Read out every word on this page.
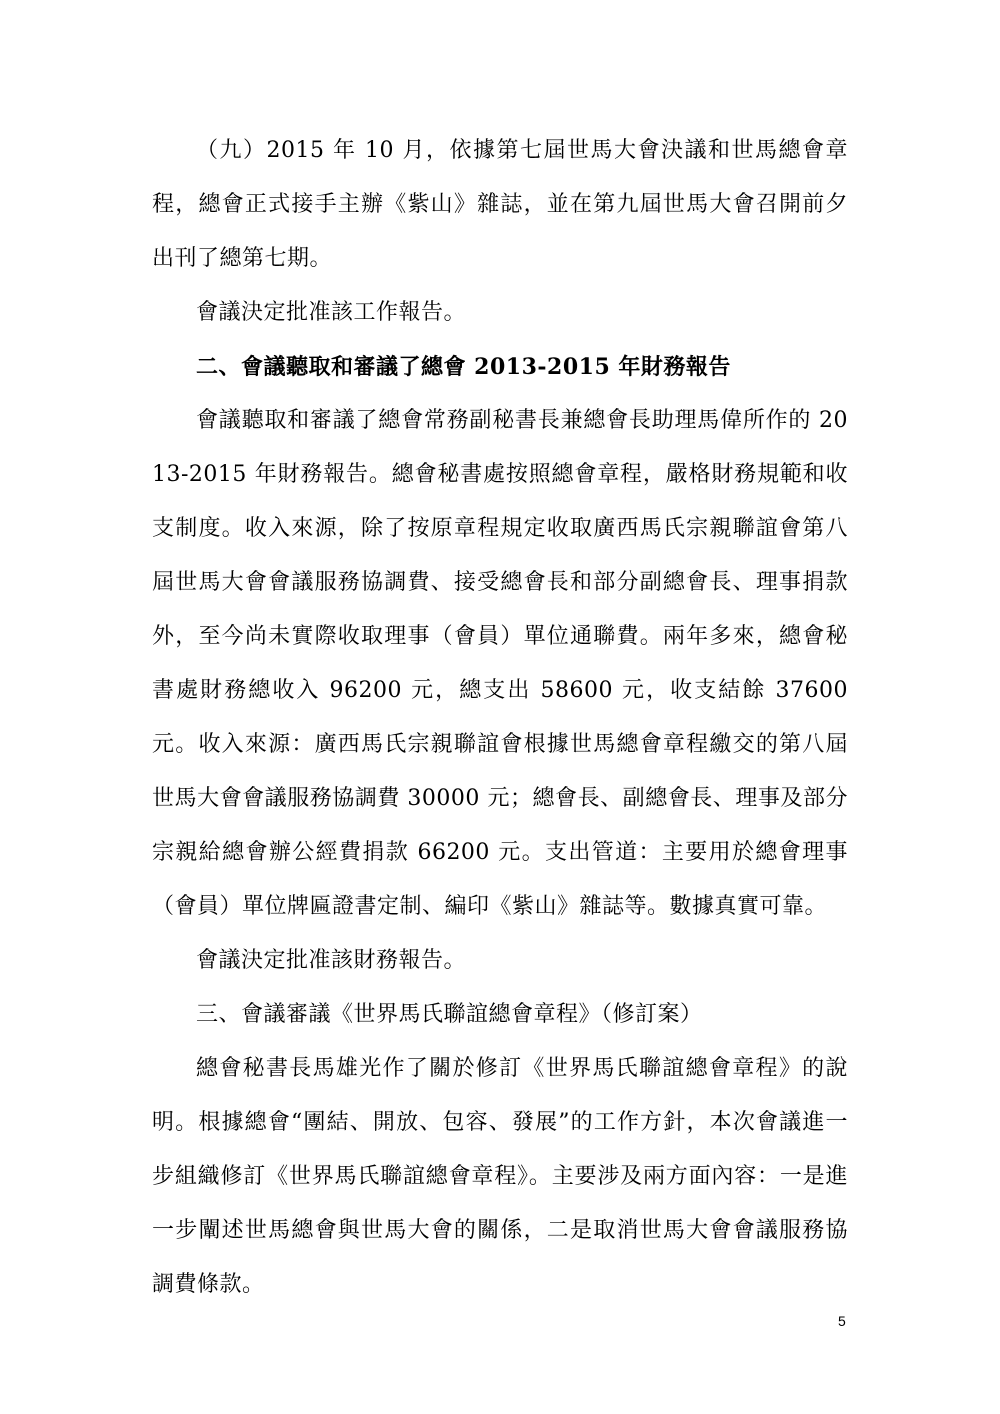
（九）2015 年 10 月，依據第七屆世馬大會決議和世馬總會章程，總會正式接手主辦《紫山》雜誌，並在第九屆世馬大會召開前夕出刊了總第七期。

會議決定批准該工作報告。

二、會議聽取和審議了總會 2013-2015 年財務報告

會議聽取和審議了總會常務副秘書長兼總會長助理馬偉所作的 2013-2015 年財務報告。總會秘書處按照總會章程，嚴格財務規範和收支制度。收入來源，除了按原章程規定收取廣西馬氏宗親聯誼會第八屆世馬大會會議服務協調費、接受總會長和部分副總會長、理事捐款外，至今尚未實際收取理事（會員）單位通聯費。兩年多來，總會秘書處財務總收入 96200 元，總支出 58600 元，收支結餘 37600 元。收入來源：廣西馬氏宗親聯誼會根據世馬總會章程繳交的第八屆世馬大會會議服務協調費 30000 元；總會長、副總會長、理事及部分宗親給總會辦公經費捐款 66200 元。支出管道：主要用於總會理事（會員）單位牌匾證書定制、編印《紫山》雜誌等。數據真實可靠。

會議決定批准該財務報告。

三、會議審議《世界馬氏聯誼總會章程》（修訂案）

總會秘書長馬雄光作了關於修訂《世界馬氏聯誼總會章程》的說明。根據總會“團結、開放、包容、發展”的工作方針，本次會議進一步組織修訂《世界馬氏聯誼總會章程》。主要涉及兩方面內容：一是進一步闡述世馬總會與世馬大會的關係，二是取消世馬大會會議服務協調費條款。

5
